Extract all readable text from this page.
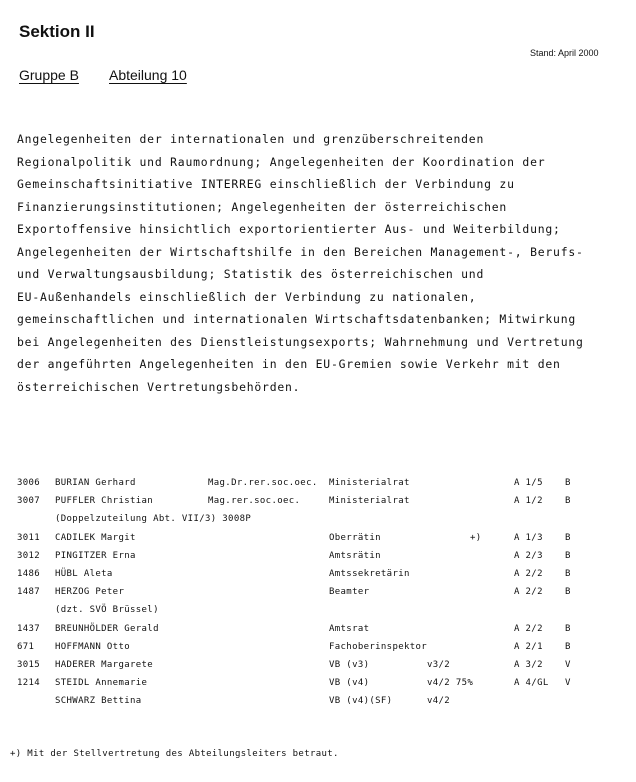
Sektion II
Stand: April 2000
Gruppe B Abteilung 10
Angelegenheiten der internationalen und grenzüberschreitenden
Regionalpolitik und Raumordnung; Angelegenheiten der Koordination der
Gemeinschaftsinitiative INTERREG einschließlich der Verbindung zu
Finanzierungsinstitutionen; Angelegenheiten der österreichischen
Exportoffensive hinsichtlich exportorientierter Aus- und Weiterbildung;
Angelegenheiten der Wirtschaftshilfe in den Bereichen Management-, Berufs-
und Verwaltungsausbildung; Statistik des österreichischen und
EU-Außenhandels einschließlich der Verbindung zu nationalen,
gemeinschaftlichen und internationalen Wirtschaftsdatenbanken; Mitwirkung
bei Angelegenheiten des Dienstleistungsexports; Wahrnehmung und Vertretung
der angeführten Angelegenheiten in den EU-Gremien sowie Verkehr mit den
österreichischen Vertretungsbehörden.
3006 BURIAN Gerhard	Mag.Dr.rer.soc.oec. Ministerialrat	A 1/5 B
3007 PUFFLER Christian	Mag.rer.soc.oec.	Ministerialrat	A 1/2 B
(Doppelzuteilung Abt. VII/3) 3008P
3011 CADILEK Margit	Oberrätin	+)	A 1/3 B
3012 PINGITZER Erna	Amtsrätin	A 2/3 B
1486 HÜBL Aleta	Amtssekretärin	A 2/2 B
1487 HERZOG Peter	Beamter	A 2/2 B
(dzt. SVÖ Brüssel)
1437 BREUNHÖLDER Gerald	Amtsrat	A 2/2 B
671 HOFFMANN Otto	Fachoberinspektor	A 2/1 B
3015 HADERER Margarete	VB (v3)	v3/2	A 3/2 V
1214 STEIDL Annemarie	VB (v4)	v4/2 75%	A 4/GL V
SCHWARZ Bettina	VB (v4)(SF)	v4/2
+) Mit der Stellvertretung des Abteilungsleiters betraut.
